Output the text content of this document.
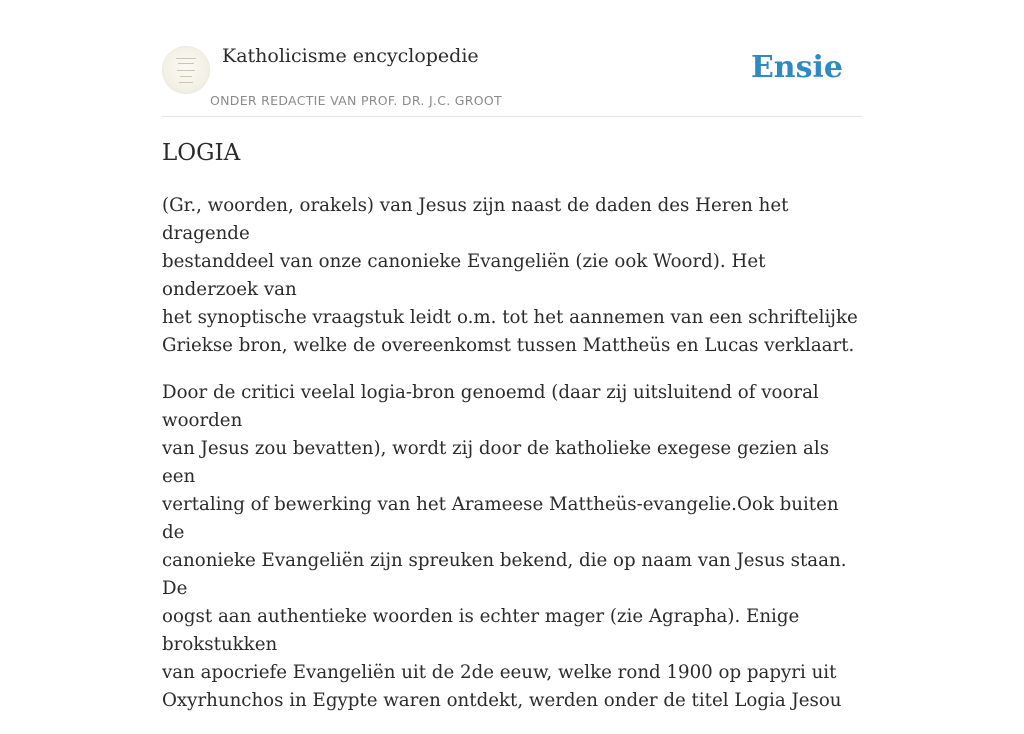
Katholicisme encyclopedie
ONDER REDACTIE VAN PROF. DR. J.C. GROOT
Ensie
LOGIA

(Gr., woorden, orakels) van Jesus zijn naast de daden des Heren het dragende
bestanddeel van onze canonieke Evangeliën (zie ook Woord). Het onderzoek van
het synoptische vraagstuk leidt o.m. tot het aannemen van een schriftelijke
Griekse bron, welke de overeenkomst tussen Mattheüs en Lucas verklaart.

Door de critici veelal logia-bron genoemd (daar zij uitsluitend of vooral woorden
van Jesus zou bevatten), wordt zij door de katholieke exegese gezien als een
vertaling of bewerking van het Arameese Mattheüs-evangelie.Ook buiten de
canonieke Evangeliën zijn spreuken bekend, die op naam van Jesus staan. De
oogst aan authentieke woorden is echter mager (zie Agrapha). Enige brokstukken
van apocriefe Evangeliën uit de 2de eeuw, welke rond 1900 op papyri uit
Oxyrhunchos in Egypte waren ontdekt, werden onder de titel Logia Jesou
